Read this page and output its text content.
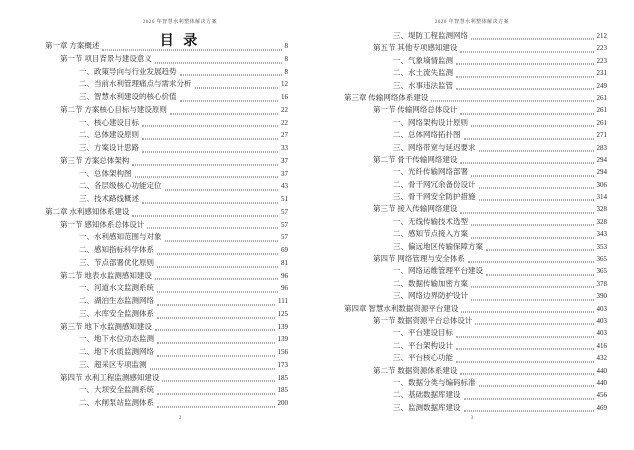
2026 年智慧水利整体解决方案
目 录
第一章 方案概述	8
第一节 项目背景与建设意义	8
一、政策导向与行业发展趋势	8
二、当前水利管理痛点与需求分析	12
三、智慧水利建设的核心价值	16
第二节 方案核心目标与建设原则	22
一、核心建设目标	22
二、总体建设原则	27
三、方案设计思路	33
第三节 方案总体架构	37
一、总体架构图	37
二、各层级核心功能定位	43
三、技术路线概述	51
第二章 水利感知体系建设	57
第一节 感知体系总体设计	57
一、水利感知范围与对象	57
二、感知指标科学体系	69
三、节点部署优化原则	81
第二节 地表水监测感知建设	96
一、河道水文监测系统	96
二、湖泊生态监测网络	111
三、水库安全监测体系	125
第三节 地下水监测感知建设	139
一、地下水位动态监测	139
二、地下水质监测网络	156
三、超采区专项监测	173
第四节 水利工程监测感知建设	185
一、大坝安全监测系统	185
二、水闸泵站监测体系	200
2
2026 年智慧水利整体解决方案
三、堤防工程监测网络	212
第五节 其他专项感知建设	223
一、气象墒情监测	223
二、水土流失监测	231
三、水事违法监管	249
第三章 传输网络体系建设	261
第一节 传输网络总体设计	261
一、网络架构设计原则	261
二、总体网络拓扑图	271
三、网络带宽与延迟要求	283
第二节 骨干传输网络建设	294
一、光纤传输网络部署	294
二、骨干网冗余备份设计	306
三、骨干网安全防护措施	314
第三节 接入传输网络建设	328
一、无线传输技术选型	328
二、感知节点接入方案	343
三、偏远地区传输保障方案	353
第四节 网络管理与安全体系	365
一、网络运维管理平台建设	365
二、数据传输加密方案	378
三、网络边界防护设计	390
第四章 智慧水利数据资源平台建设	403
第一节 数据资源平台总体设计	403
一、平台建设目标	403
二、平台架构设计	416
三、平台核心功能	432
第二节 数据资源体系建设	440
一、数据分类与编码标准	440
二、基础数据库建设	456
三、监测数据库建设	469
3
